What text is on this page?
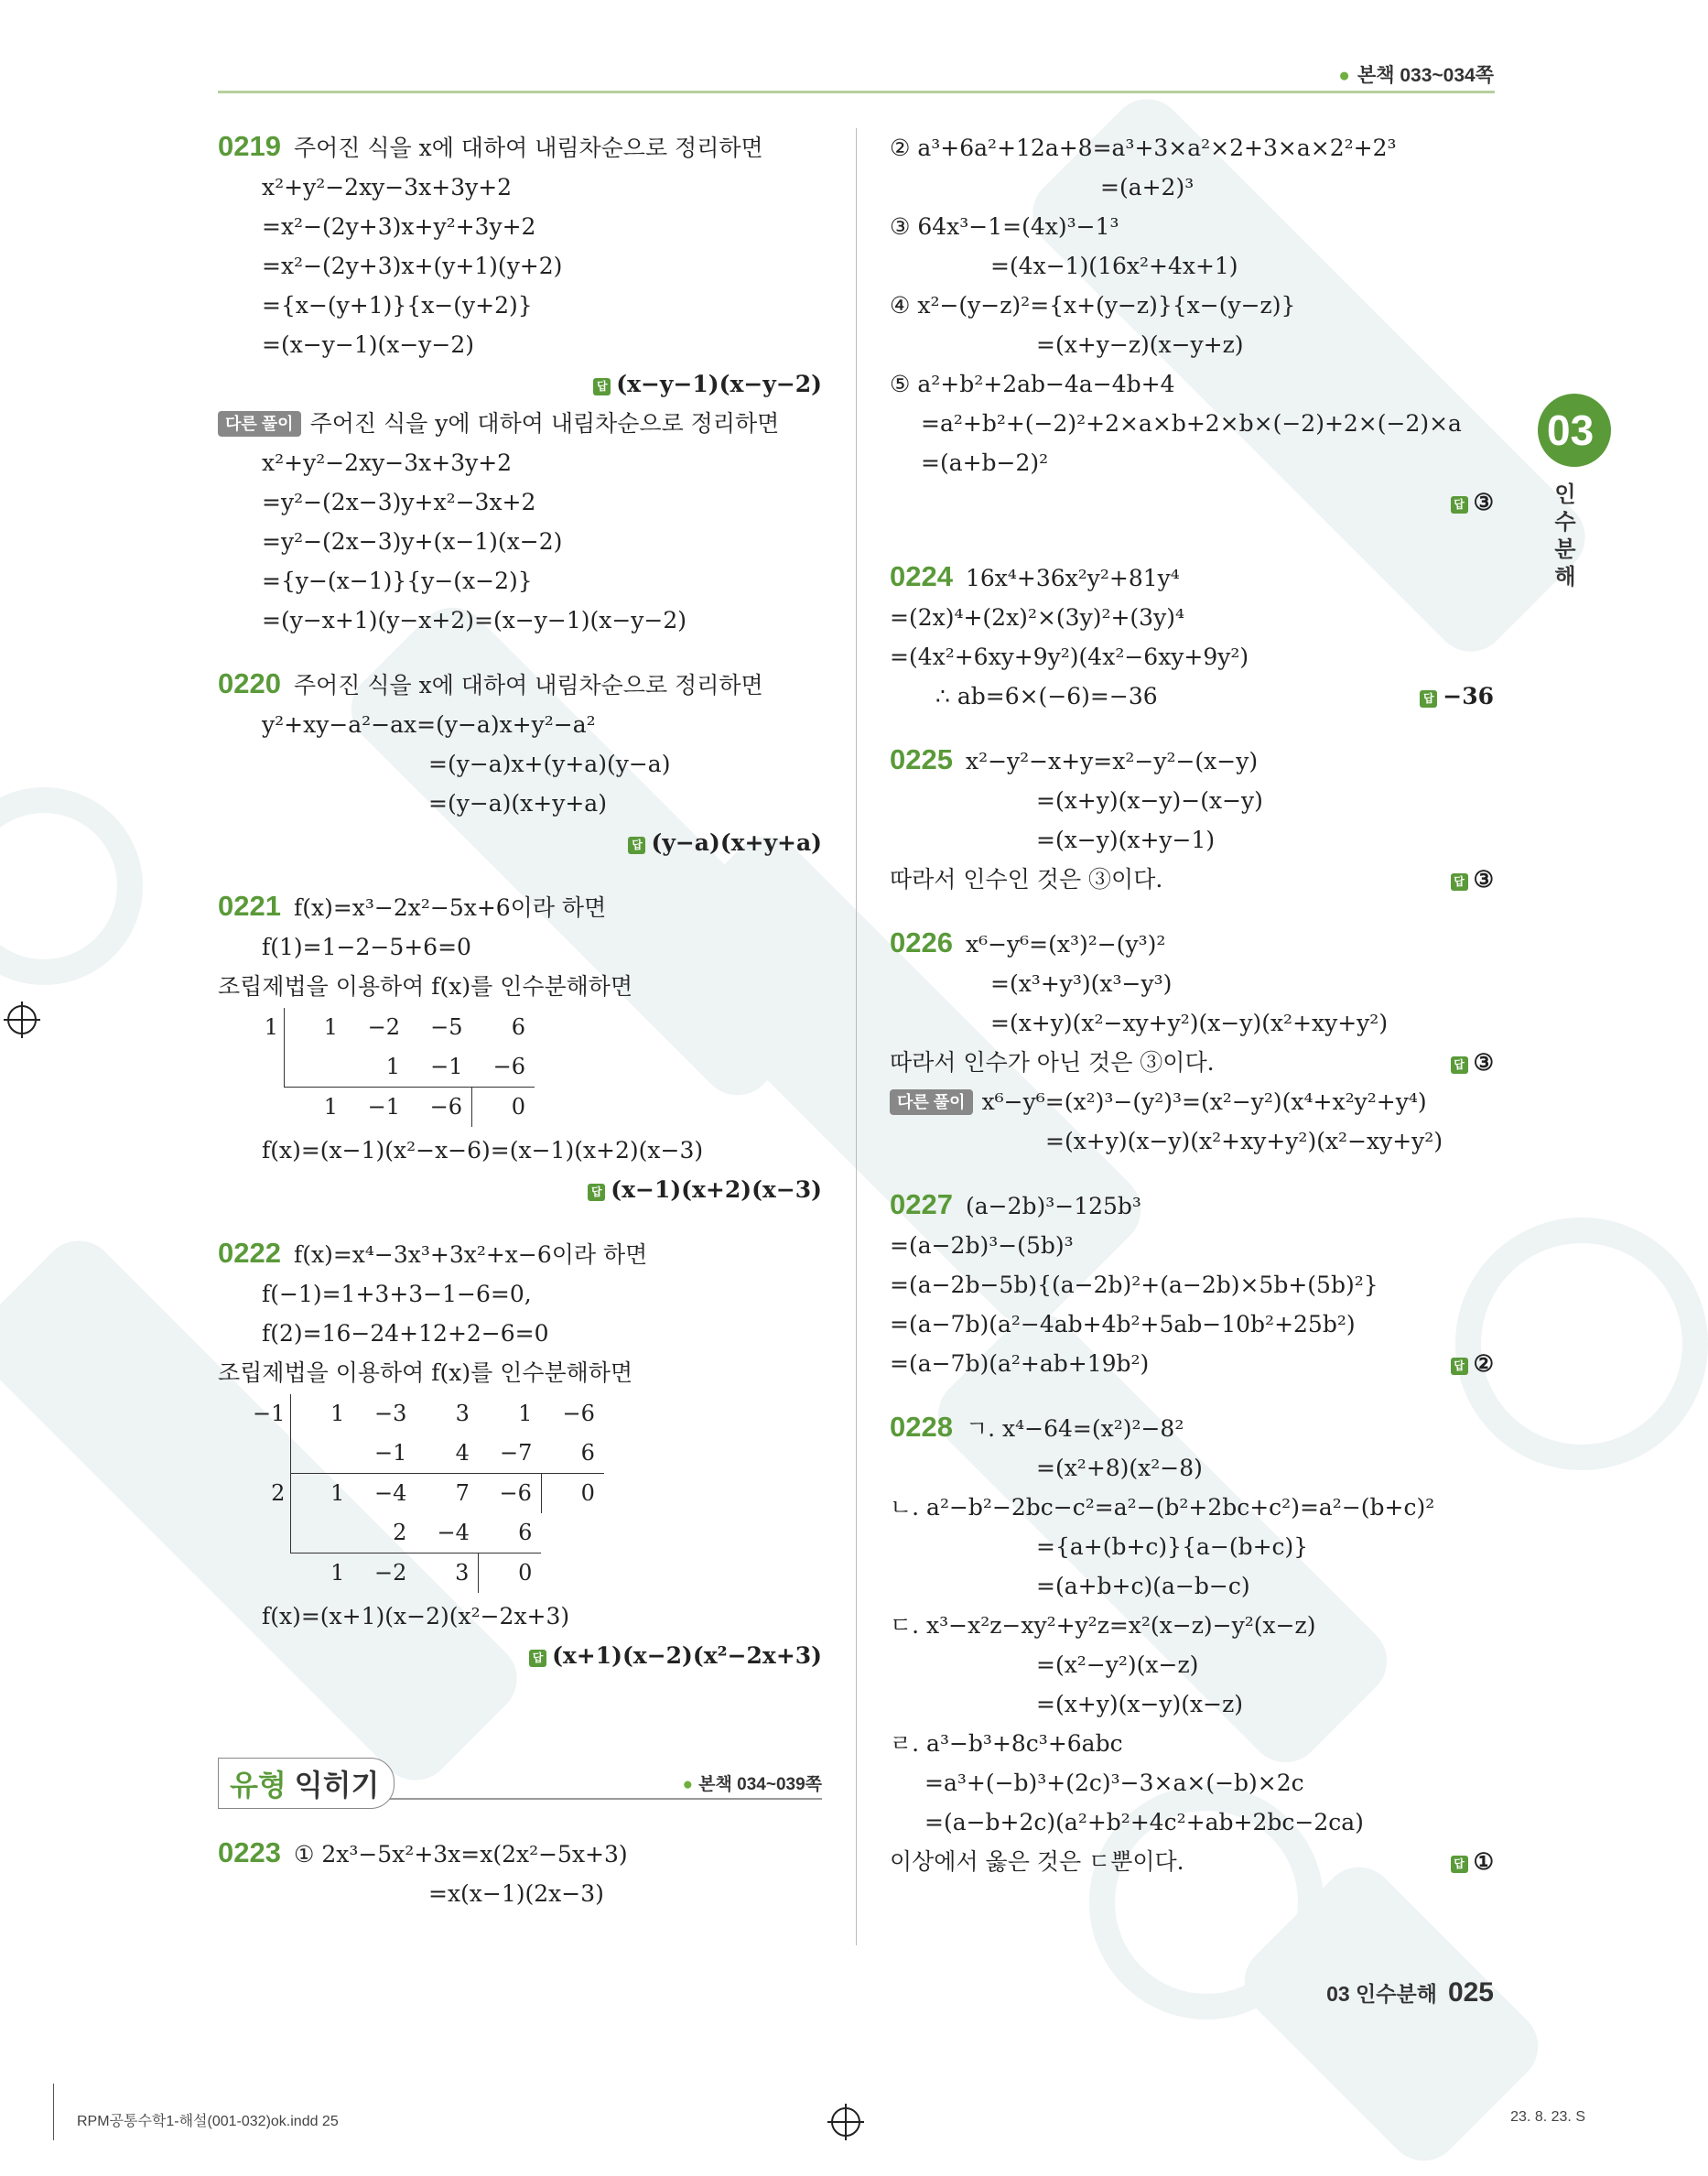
● 본책 033~034쪽
03
인수분해
0219 주어진 식을 x에 대하여 내림차순으로 정리하면
x²+y²−2xy−3x+3y+2
=x²−(2y+3)x+y²+3y+2
=x²−(2y+3)x+(y+1)(y+2)
={x−(y+1)}{x−(y+2)}
=(x−y−1)(x−y−2)
답 (x−y−1)(x−y−2)
다른 풀이 주어진 식을 y에 대하여 내림차순으로 정리하면
x²+y²−2xy−3x+3y+2
=y²−(2x−3)y+x²−3x+2
=y²−(2x−3)y+(x−1)(x−2)
={y−(x−1)}{y−(x−2)}
=(y−x+1)(y−x+2)=(x−y−1)(x−y−2)
0220 주어진 식을 x에 대하여 내림차순으로 정리하면
y²+xy−a²−ax=(y−a)x+y²−a²
=(y−a)x+(y+a)(y−a)
=(y−a)(x+y+a)
답 (y−a)(x+y+a)
0221 f(x)=x³−2x²−5x+6이라 하면
f(1)=1−2−5+6=0
조립제법을 이용하여 f(x)를 인수분해하면
1	1	−2	−5	6
		1	−1	−6
	1	−1	−6	0
f(x)=(x−1)(x²−x−6)=(x−1)(x+2)(x−3)
답 (x−1)(x+2)(x−3)
0222 f(x)=x⁴−3x³+3x²+x−6이라 하면
f(−1)=1+3+3−1−6=0,
f(2)=16−24+12+2−6=0
조립제법을 이용하여 f(x)를 인수분해하면
−1	1	−3	3	1	−6
		−1	4	−7	6
2	1	−4	7	−6	0
		2	−4	6	
	1	−2	3	0	
f(x)=(x+1)(x−2)(x²−2x+3)
답 (x+1)(x−2)(x²−2x+3)
유형 익히기	● 본책 034~039쪽
0223 ① 2x³−5x²+3x=x(2x²−5x+3)
=x(x−1)(2x−3)
② a³+6a²+12a+8=a³+3×a²×2+3×a×2²+2³
=(a+2)³
③ 64x³−1=(4x)³−1³
=(4x−1)(16x²+4x+1)
④ x²−(y−z)²={x+(y−z)}{x−(y−z)}
=(x+y−z)(x−y+z)
⑤ a²+b²+2ab−4a−4b+4
=a²+b²+(−2)²+2×a×b+2×b×(−2)+2×(−2)×a
=(a+b−2)²
답 ③
0224 16x⁴+36x²y²+81y⁴
=(2x)⁴+(2x)²×(3y)²+(3y)⁴
=(4x²+6xy+9y²)(4x²−6xy+9y²)
∴ ab=6×(−6)=−36	답 −36
0225 x²−y²−x+y=x²−y²−(x−y)
=(x+y)(x−y)−(x−y)
=(x−y)(x+y−1)
따라서 인수인 것은 ③이다.	답 ③
0226 x⁶−y⁶=(x³)²−(y³)²
=(x³+y³)(x³−y³)
=(x+y)(x²−xy+y²)(x−y)(x²+xy+y²)
따라서 인수가 아닌 것은 ③이다.	답 ③
다른 풀이 x⁶−y⁶=(x²)³−(y²)³=(x²−y²)(x⁴+x²y²+y⁴)
=(x+y)(x−y)(x²+xy+y²)(x²−xy+y²)
0227 (a−2b)³−125b³
=(a−2b)³−(5b)³
=(a−2b−5b){(a−2b)²+(a−2b)×5b+(5b)²}
=(a−7b)(a²−4ab+4b²+5ab−10b²+25b²)
=(a−7b)(a²+ab+19b²)	답 ②
0228 ㄱ. x⁴−64=(x²)²−8²
=(x²+8)(x²−8)
ㄴ. a²−b²−2bc−c²=a²−(b²+2bc+c²)=a²−(b+c)²
={a+(b+c)}{a−(b+c)}
=(a+b+c)(a−b−c)
ㄷ. x³−x²z−xy²+y²z=x²(x−z)−y²(x−z)
=(x²−y²)(x−z)
=(x+y)(x−y)(x−z)
ㄹ. a³−b³+8c³+6abc
=a³+(−b)³+(2c)³−3×a×(−b)×2c
=(a−b+2c)(a²+b²+4c²+ab+2bc−2ca)
이상에서 옳은 것은 ㄷ뿐이다.	답 ①
03 인수분해 025
RPM공통수학1-해설(001-032)ok.indd 25	23. 8. 23. S
